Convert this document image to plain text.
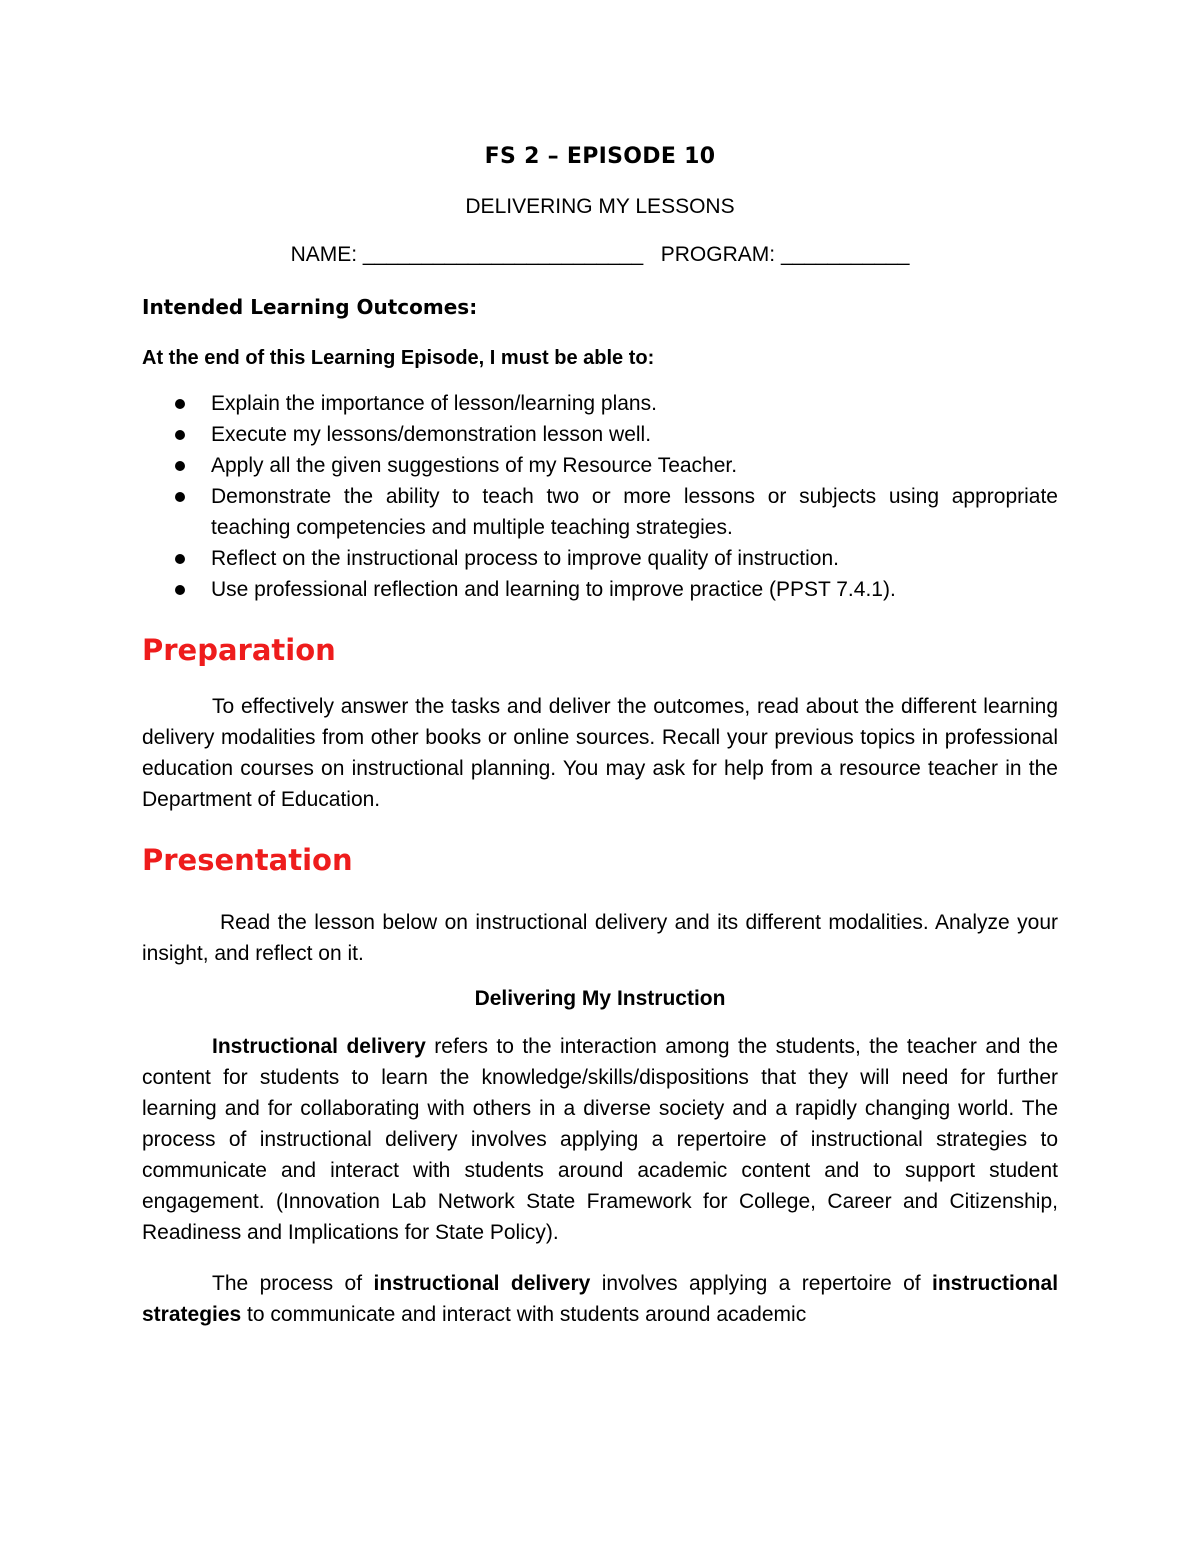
FS 2 – EPISODE 10
DELIVERING MY LESSONS
NAME: ________________________ PROGRAM: ___________
Intended Learning Outcomes:
At the end of this Learning Episode, I must be able to:
Explain the importance of lesson/learning plans.
Execute my lessons/demonstration lesson well.
Apply all the given suggestions of my Resource Teacher.
Demonstrate the ability to teach two or more lessons or subjects using appropriate teaching competencies and multiple teaching strategies.
Reflect on the instructional process to improve quality of instruction.
Use professional reflection and learning to improve practice (PPST 7.4.1).
Preparation

To effectively answer the tasks and deliver the outcomes, read about the different learning delivery modalities from other books or online sources. Recall your previous topics in professional education courses on instructional planning. You may ask for help from a resource teacher in the Department of Education.

Presentation

Read the lesson below on instructional delivery and its different modalities. Analyze your insight, and reflect on it.

Delivering My Instruction

Instructional delivery refers to the interaction among the students, the teacher and the content for students to learn the knowledge/skills/dispositions that they will need for further learning and for collaborating with others in a diverse society and a rapidly changing world. The process of instructional delivery involves applying a repertoire of instructional strategies to communicate and interact with students around academic content and to support student engagement. (Innovation Lab Network State Framework for College, Career and Citizenship, Readiness and Implications for State Policy).

The process of instructional delivery involves applying a repertoire of instructional strategies to communicate and interact with students around academic
